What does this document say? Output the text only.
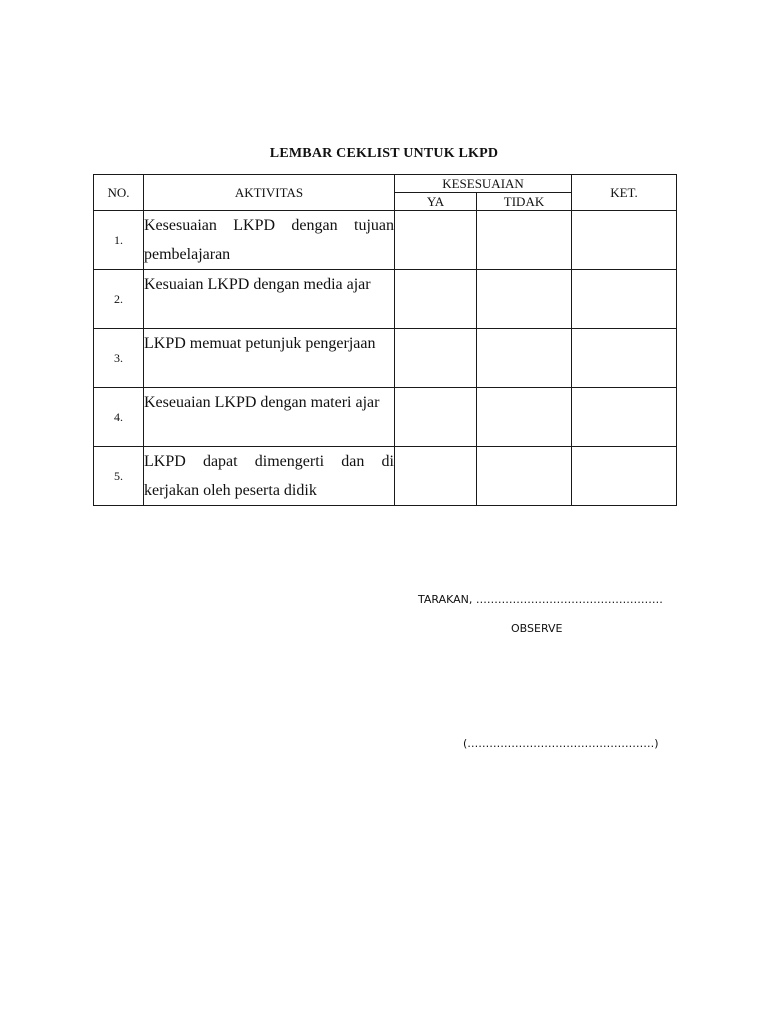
LEMBAR CEKLIST UNTUK LKPD
NO.	AKTIVITAS	KESESUAIAN		KET.
		YA	TIDAK	
1.	Kesesuaian LKPD dengan tujuan pembelajaran			
2.	Kesuaian LKPD dengan media ajar			
3.	LKPD memuat petunjuk pengerjaan			
4.	Keseuaian LKPD dengan materi ajar			
5.	LKPD dapat dimengerti dan di kerjakan oleh peserta didik			
TARAKAN, ……………………………………………
OBSERVE
(……………………………………………)
